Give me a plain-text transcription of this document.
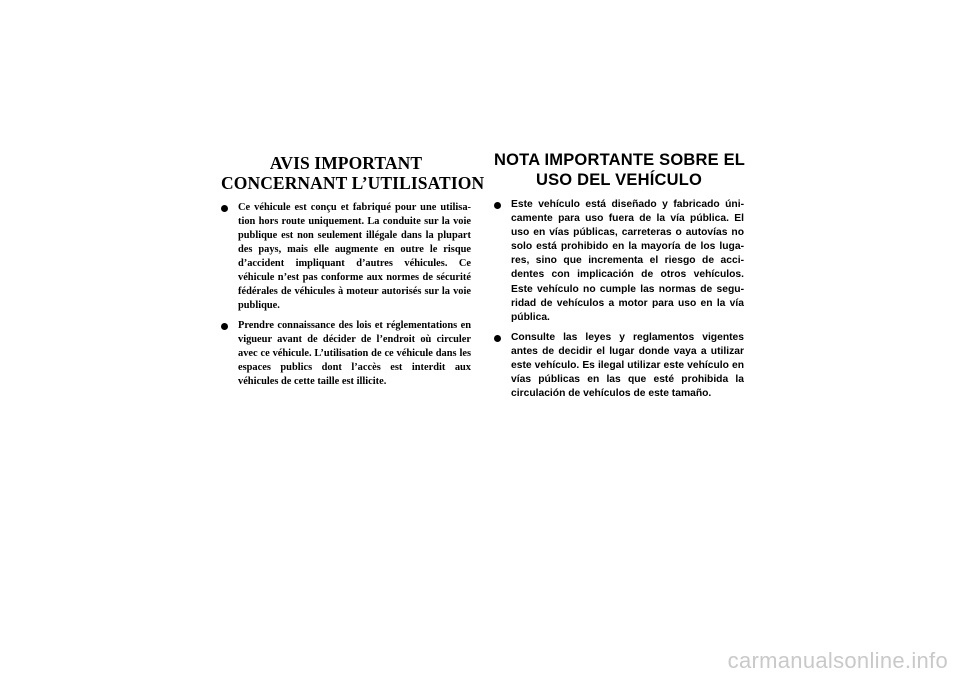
AVIS IMPORTANT
CONCERNANT L’UTILISATION
Ce véhicule est conçu et fabriqué pour une utilisation hors route uniquement. La conduite sur la voie publique est non seulement illégale dans la plupart des pays, mais elle augmente en outre le risque d’accident impliquant d’autres véhicules. Ce véhicule n’est pas conforme aux normes de sécurité fédérales de véhicules à moteur autorisés sur la voie publique.
Prendre connaissance des lois et réglementations en vigueur avant de décider de l’endroit où circuler avec ce véhicule. L’utilisation de ce véhicule dans les espaces publics dont l’accès est interdit aux véhicules de cette taille est illicite.
NOTA IMPORTANTE SOBRE EL
USO DEL VEHÍCULO
Este vehículo está diseñado y fabricado únicamente para uso fuera de la vía pública. El uso en vías públicas, carreteras o autovías no solo está prohibido en la mayoría de los lugares, sino que incrementa el riesgo de accidentes con implicación de otros vehículos. Este vehículo no cumple las normas de seguridad de vehículos a motor para uso en la vía pública.
Consulte las leyes y reglamentos vigentes antes de decidir el lugar donde vaya a utilizar este vehículo. Es ilegal utilizar este vehículo en vías públicas en las que esté prohibida la circulación de vehículos de este tamaño.
carmanualsonline.info
